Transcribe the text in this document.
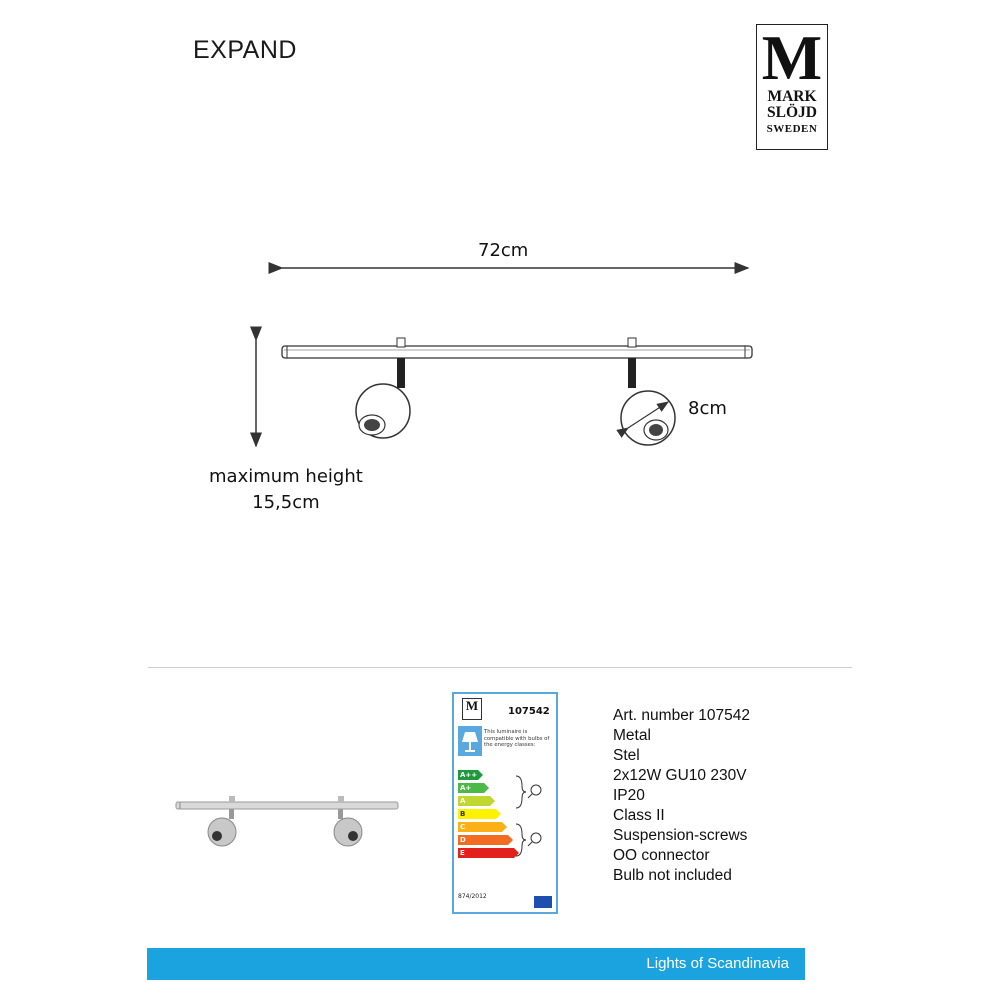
EXPAND	M
MARK
SLÖJD
SWEDEN
72cm
8cm
maximum height
15,5cm
M	107542
This luminaire is compatible with bulbs of the energy classes:
A++
A+
A
B
C
D
E
874/2012
Art. number 107542
Metal
Stel
2x12W GU10 230V
IP20
Class II
Suspension-screws
OO connector
Bulb not included
Lights of Scandinavia
